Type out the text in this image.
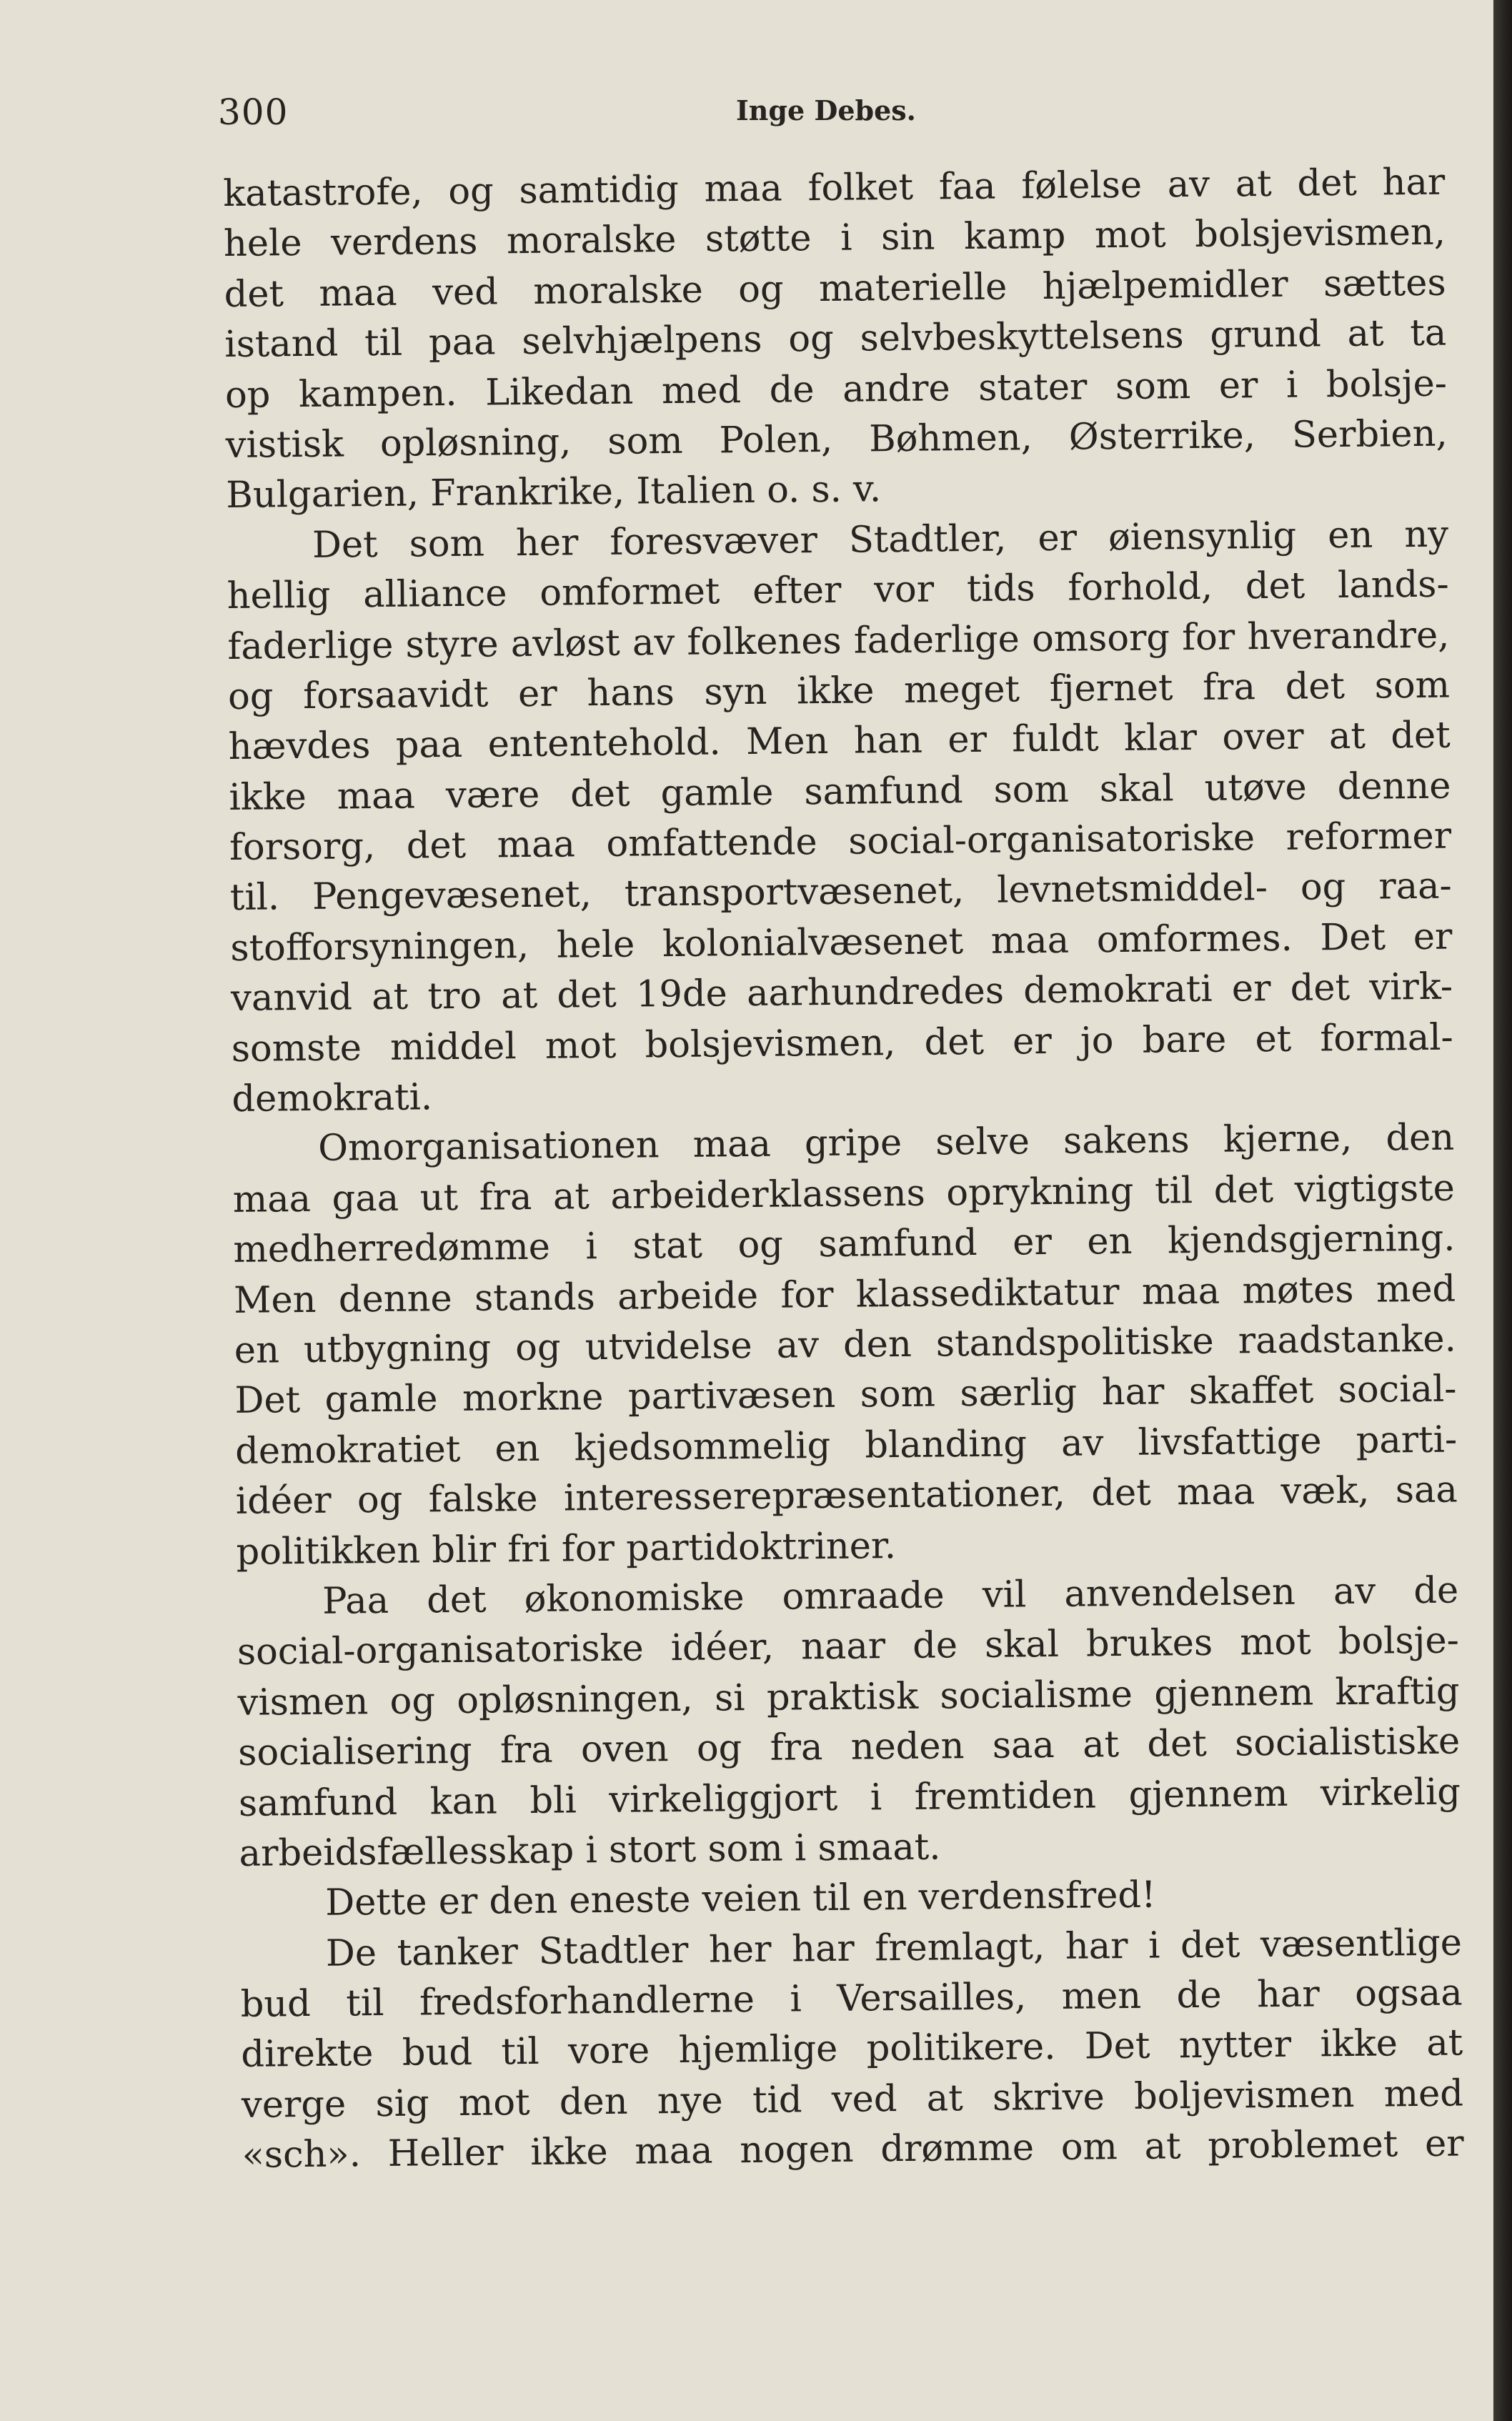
300	Inge Debes.
katastrofe, og samtidig maa folket faa følelse av at det har
hele verdens moralske støtte i sin kamp mot bolsjevismen,
det maa ved moralske og materielle hjælpemidler sættes
istand til paa selvhjælpens og selvbeskyttelsens grund at ta
op kampen. Likedan med de andre stater som er i bolsje-
vistisk opløsning, som Polen, Bøhmen, Østerrike, Serbien,
Bulgarien, Frankrike, Italien o. s. v.
Det som her foresvæver Stadtler, er øiensynlig en ny
hellig alliance omformet efter vor tids forhold, det lands-
faderlige styre avløst av folkenes faderlige omsorg for hverandre,
og forsaavidt er hans syn ikke meget fjernet fra det som
hævdes paa ententehold. Men han er fuldt klar over at det
ikke maa være det gamle samfund som skal utøve denne
forsorg, det maa omfattende social-organisatoriske reformer
til. Pengevæsenet, transportvæsenet, levnetsmiddel- og raa-
stofforsyningen, hele kolonialvæsenet maa omformes. Det er
vanvid at tro at det 19de aarhundredes demokrati er det virk-
somste middel mot bolsjevismen, det er jo bare et formal-
demokrati.
Omorganisationen maa gripe selve sakens kjerne, den
maa gaa ut fra at arbeiderklassens oprykning til det vigtigste
medherredømme i stat og samfund er en kjendsgjerning.
Men denne stands arbeide for klassediktatur maa møtes med
en utbygning og utvidelse av den standspolitiske raadstanke.
Det gamle morkne partivæsen som særlig har skaffet social-
demokratiet en kjedsommelig blanding av livsfattige parti-
idéer og falske interesserepræsentationer, det maa væk, saa
politikken blir fri for partidoktriner.
Paa det økonomiske omraade vil anvendelsen av de
social-organisatoriske idéer, naar de skal brukes mot bolsje-
vismen og opløsningen, si praktisk socialisme gjennem kraftig
socialisering fra oven og fra neden saa at det socialistiske
samfund kan bli virkeliggjort i fremtiden gjennem virkelig
arbeidsfællesskap i stort som i smaat.
Dette er den eneste veien til en verdensfred!
De tanker Stadtler her har fremlagt, har i det væsentlige
bud til fredsforhandlerne i Versailles, men de har ogsaa
direkte bud til vore hjemlige politikere. Det nytter ikke at
verge sig mot den nye tid ved at skrive boljevismen med
«sch». Heller ikke maa nogen drømme om at problemet er
